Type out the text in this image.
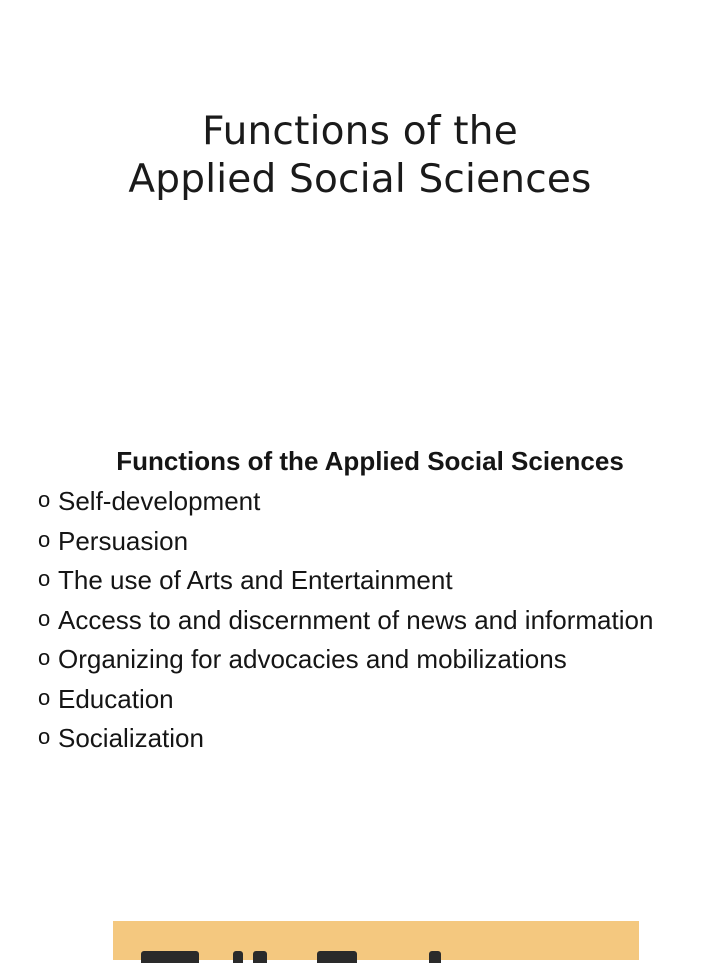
Functions of the
Applied Social Sciences
Functions of the Applied Social Sciences
o Self-development
o Persuasion
o The use of Arts and Entertainment
o Access to and discernment of news and information
o Organizing for advocacies and mobilizations
o Education
o Socialization
